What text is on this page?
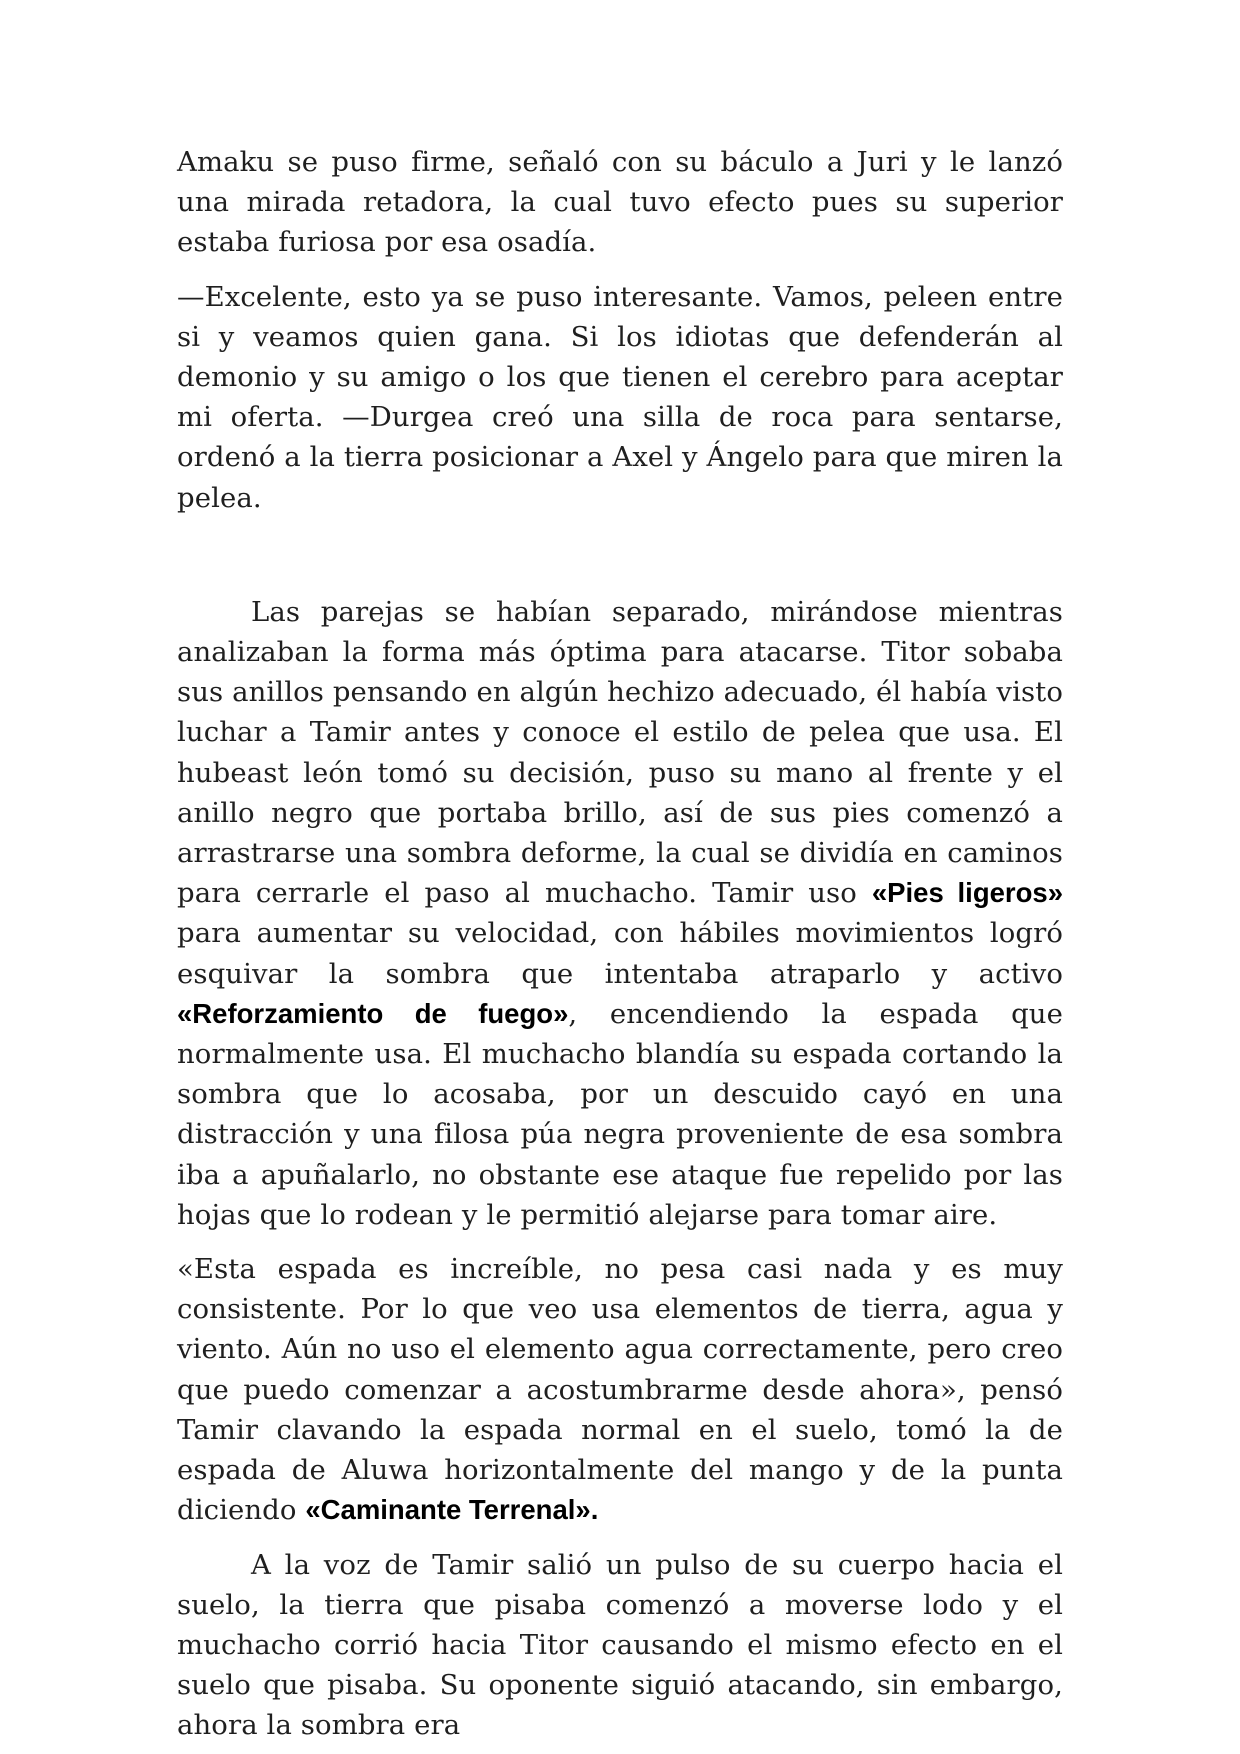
Amaku se puso firme, señaló con su báculo a Juri y le lanzó una mirada retadora, la cual tuvo efecto pues su superior estaba furiosa por esa osadía.

—Excelente, esto ya se puso interesante. Vamos, peleen entre si y veamos quien gana. Si los idiotas que defenderán al demonio y su amigo o los que tienen el cerebro para aceptar mi oferta. —Durgea creó una silla de roca para sentarse, ordenó a la tierra posicionar a Axel y Ángelo para que miren la pelea.

Las parejas se habían separado, mirándose mientras analizaban la forma más óptima para atacarse. Titor sobaba sus anillos pensando en algún hechizo adecuado, él había visto luchar a Tamir antes y conoce el estilo de pelea que usa. El hubeast león tomó su decisión, puso su mano al frente y el anillo negro que portaba brillo, así de sus pies comenzó a arrastrarse una sombra deforme, la cual se dividía en caminos para cerrarle el paso al muchacho. Tamir uso «Pies ligeros» para aumentar su velocidad, con hábiles movimientos logró esquivar la sombra que intentaba atraparlo y activo «Reforzamiento de fuego», encendiendo la espada que normalmente usa. El muchacho blandía su espada cortando la sombra que lo acosaba, por un descuido cayó en una distracción y una filosa púa negra proveniente de esa sombra iba a apuñalarlo, no obstante ese ataque fue repelido por las hojas que lo rodean y le permitió alejarse para tomar aire.

«Esta espada es increíble, no pesa casi nada y es muy consistente. Por lo que veo usa elementos de tierra, agua y viento. Aún no uso el elemento agua correctamente, pero creo que puedo comenzar a acostumbrarme desde ahora», pensó Tamir clavando la espada normal en el suelo, tomó la de espada de Aluwa horizontalmente del mango y de la punta diciendo «Caminante Terrenal».

A la voz de Tamir salió un pulso de su cuerpo hacia el suelo, la tierra que pisaba comenzó a moverse lodo y el muchacho corrió hacia Titor causando el mismo efecto en el suelo que pisaba. Su oponente siguió atacando, sin embargo, ahora la sombra era
